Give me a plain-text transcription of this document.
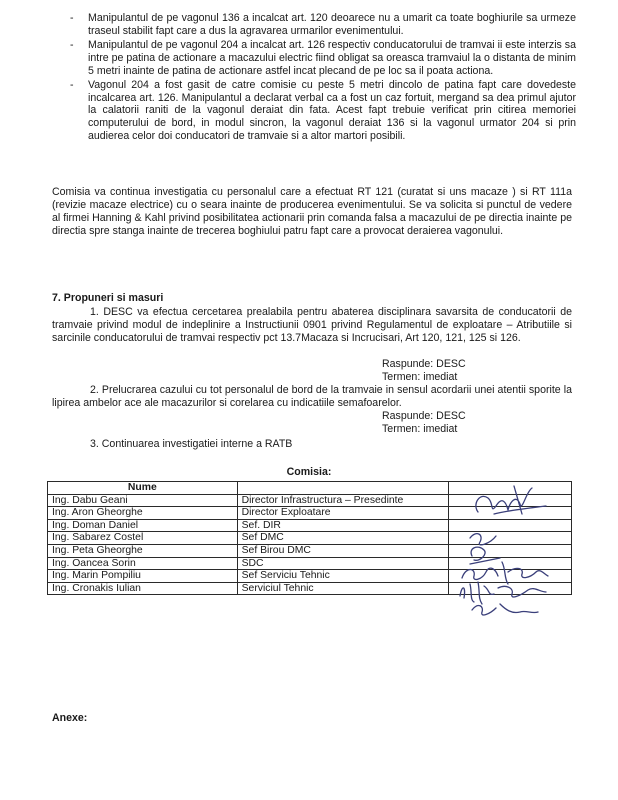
- Manipulantul de pe vagonul 136 a incalcat art. 120 deoarece nu a umarit ca toate boghiurile sa urmeze traseul stabilit fapt care a dus la agravarea urmarilor evenimentului.
- Manipulantul de pe vagonul 204 a incalcat art. 126 respectiv conducatorului de tramvai ii este interzis sa intre pe patina de actionare a macazului electric fiind obligat sa oreasca tramvaiul la o distanta de minim 5 metri inainte de patina de actionare astfel incat plecand de pe loc sa il poata actiona.
- Vagonul 204 a fost gasit de catre comisie cu peste 5 metri dincolo de patina fapt care dovedeste incalcarea art. 126. Manipulantul a declarat verbal ca a fost un caz fortuit, mergand sa dea primul ajutor la calatorii raniti de la vagonul deraiat din fata. Acest fapt trebuie verificat prin citirea memoriei computerului de bord, in modul sincron, la vagonul deraiat 136 si la vagonul urmator 204 si prin audierea celor doi conducatori de tramvaie si a altor martori posibili.

Comisia va continua investigatia cu personalul care a efectuat RT 121 (curatat si uns macaze ) si RT 111a (revizie macaze electrice) cu o seara inainte de producerea evenimentului. Se va solicita si punctul de vedere al firmei Hanning & Kahl privind posibilitatea actionarii prin comanda falsa a macazului de pe directia inainte pe directia spre stanga inainte de trecerea boghiului patru fapt care a provocat deraierea vagonului.

7. Propuneri si masuri

1. DESC va efectua cercetarea prealabila pentru abaterea disciplinara savarsita de conducatorii de tramvaie privind modul de indeplinire a Instructiunii 0901 privind Regulamentul de exploatare – Atributiile si sarcinile conducatorului de tramvai respectiv pct 13.7Macaza si Incrucisari, Art 120, 121, 125 si 126.

Raspunde: DESC

Termen: imediat

2. Prelucrarea cazului cu tot personalul de bord de la tramvaie in sensul acordarii unei atentii sporite la lipirea ambelor ace ale macazurilor si corelarea cu indicatiile semafoarelor.

Raspunde: DESC

Termen: imediat

3. Continuarea investigatiei interne a RATB

Comisia:

Nume		
Ing. Dabu Geani	Director Infrastructura – Presedinte	
Ing. Aron Gheorghe	Director Exploatare	
Ing. Doman Daniel	Sef. DIR	
Ing. Sabarez Costel	Sef DMC	
Ing. Peta Gheorghe	Sef Birou DMC	
Ing. Oancea Sorin	SDC	
Ing. Marin Pompiliu	Sef Serviciu Tehnic	
Ing. Cronakis Iulian	Serviciul Tehnic	

Anexe:
